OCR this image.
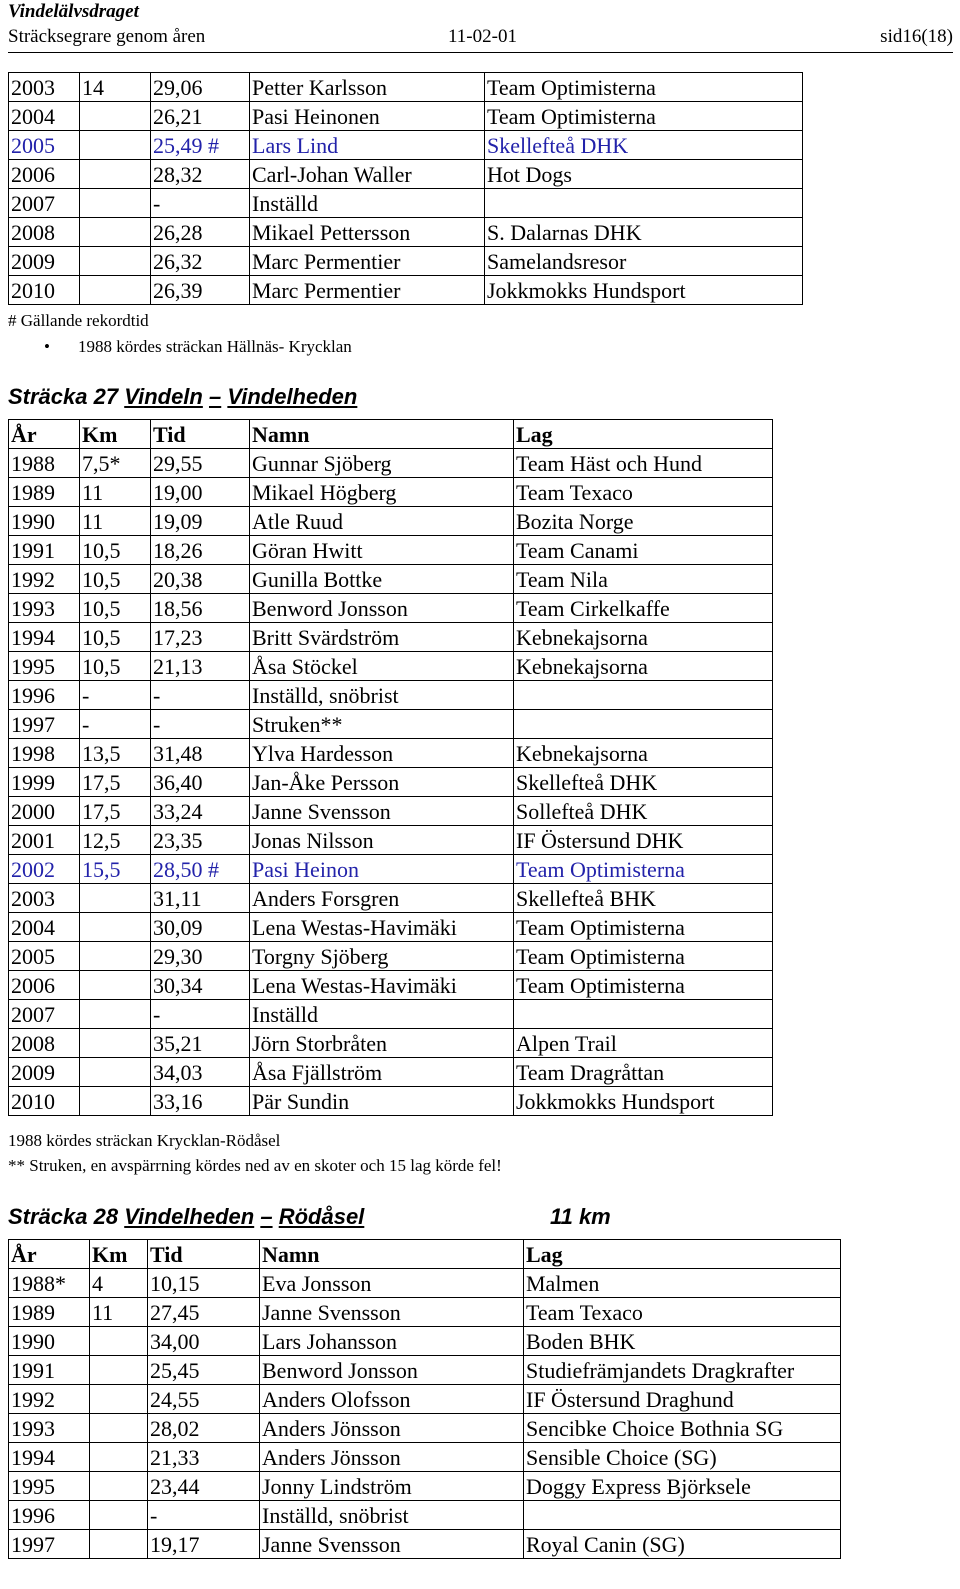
Vindelälvsdraget
Sträcksegrare genom åren	11-02-01	sid16(18)
2003	14	29,06	Petter Karlsson	Team Optimisterna
2004		26,21	Pasi Heinonen	Team Optimisterna
2005		25,49 #	Lars Lind	Skellefteå DHK
2006		28,32	Carl-Johan Waller	Hot Dogs
2007		-	Inställd	
2008		26,28	Mikael Pettersson	S. Dalarnas DHK
2009		26,32	Marc Permentier	Samelandsresor
2010		26,39	Marc Permentier	Jokkmokks Hundsport
# Gällande rekordtid
• 1988 kördes sträckan Hällnäs- Krycklan
Sträcka 27 Vindeln – Vindelheden
År	Km	Tid	Namn	Lag
1988	7,5*	29,55	Gunnar Sjöberg	Team Häst och Hund
1989	11	19,00	Mikael Högberg	Team Texaco
1990	11	19,09	Atle Ruud	Bozita Norge
1991	10,5	18,26	Göran Hwitt	Team Canami
1992	10,5	20,38	Gunilla Bottke	Team Nila
1993	10,5	18,56	Benword Jonsson	Team Cirkelkaffe
1994	10,5	17,23	Britt Svärdström	Kebnekajsorna
1995	10,5	21,13	Åsa Stöckel	Kebnekajsorna
1996	-	-	Inställd, snöbrist	
1997	-	-	Struken**	
1998	13,5	31,48	Ylva Hardesson	Kebnekajsorna
1999	17,5	36,40	Jan-Åke Persson	Skellefteå DHK
2000	17,5	33,24	Janne Svensson	Sollefteå DHK
2001	12,5	23,35	Jonas Nilsson	IF Östersund DHK
2002	15,5	28,50 #	Pasi Heinon	Team Optimisterna
2003		31,11	Anders Forsgren	Skellefteå BHK
2004		30,09	Lena Westas-Havimäki	Team Optimisterna
2005		29,30	Torgny Sjöberg	Team Optimisterna
2006		30,34	Lena Westas-Havimäki	Team Optimisterna
2007		-	Inställd	
2008		35,21	Jörn Storbråten	Alpen Trail
2009		34,03	Åsa Fjällström	Team Dragråttan
2010		33,16	Pär Sundin	Jokkmokks Hundsport
1988 kördes sträckan Krycklan-Rödåsel
** Struken, en avspärrning kördes ned av en skoter och 15 lag körde fel!
Sträcka 28 Vindelheden – Rödåsel	11 km
År	Km	Tid	Namn	Lag
1988*	4	10,15	Eva Jonsson	Malmen
1989	11	27,45	Janne Svensson	Team Texaco
1990		34,00	Lars Johansson	Boden BHK
1991		25,45	Benword Jonsson	Studiefrämjandets Dragkrafter
1992		24,55	Anders Olofsson	IF Östersund Draghund
1993		28,02	Anders Jönsson	Sencibke Choice Bothnia SG
1994		21,33	Anders Jönsson	Sensible Choice (SG)
1995		23,44	Jonny Lindström	Doggy Express Björksele
1996		-	Inställd, snöbrist	
1997		19,17	Janne Svensson	Royal Canin (SG)
